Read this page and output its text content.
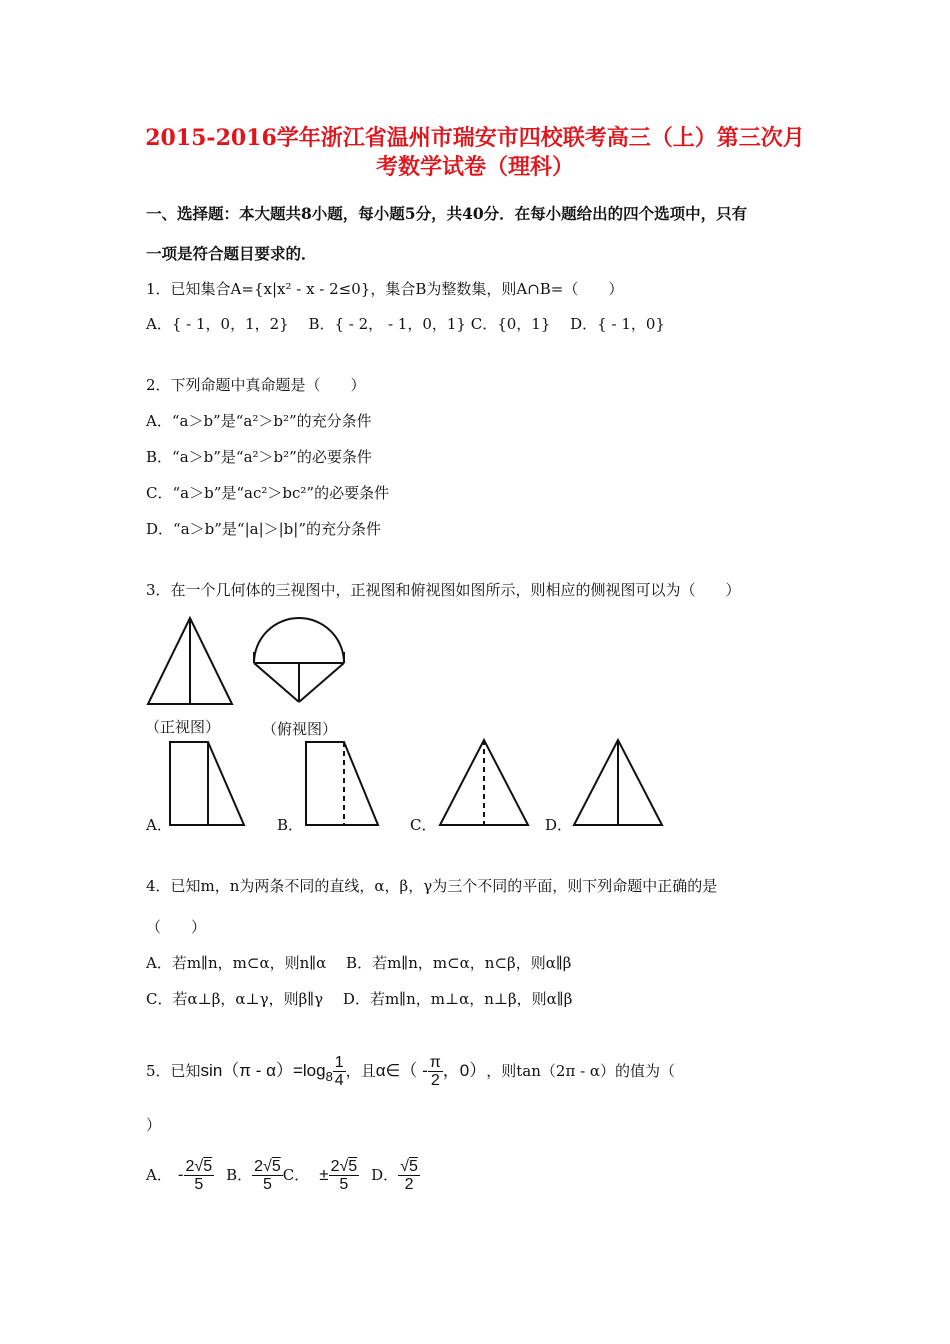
2015-2016学年浙江省温州市瑞安市四校联考高三（上）第三次月
考数学试卷（理科）
一、选择题：本大题共8小题，每小题5分，共40分．在每小题给出的四个选项中，只有
一项是符合题目要求的．
1．已知集合A={x|x² - x - 2≤0}，集合B为整数集，则A∩B=（　　）
A．{ - 1，0，1，2}　 B．{ - 2， - 1，0，1} C．{0，1}　 D．{ - 1，0}
2．下列命题中真命题是（　　）
A．“a＞b”是“a²＞b²”的充分条件
B．“a＞b”是“a²＞b²”的必要条件
C．“a＞b”是“ac²＞bc²”的必要条件
D．“a＞b”是“|a|＞|b|”的充分条件
3．在一个几何体的三视图中，正视图和俯视图如图所示，则相应的侧视图可以为（　　）
（正视图）	（俯视图）
A．	B．	C．	D．
4．已知m，n为两条不同的直线，α，β，γ为三个不同的平面，则下列命题中正确的是
（　　）
A．若m∥n，m⊂α，则n∥α　 B．若m∥n，m⊂α，n⊂β，则α∥β
C．若α⊥β，α⊥γ，则β∥γ　 D．若m∥n，m⊥α，n⊥β，则α∥β
5．已知 sin（π - α）=log $8 \frac{1}{4}$ ，且 α∈（ - $\frac{\pi}{2}$ ，0） ，则tan（2π - α）的值为（
）
A． - $\frac{2√5}{5}$ B． $\frac{2√5}{5}$ C． ± $\frac{2√5}{5}$ D． $\frac{√5}{2}$
